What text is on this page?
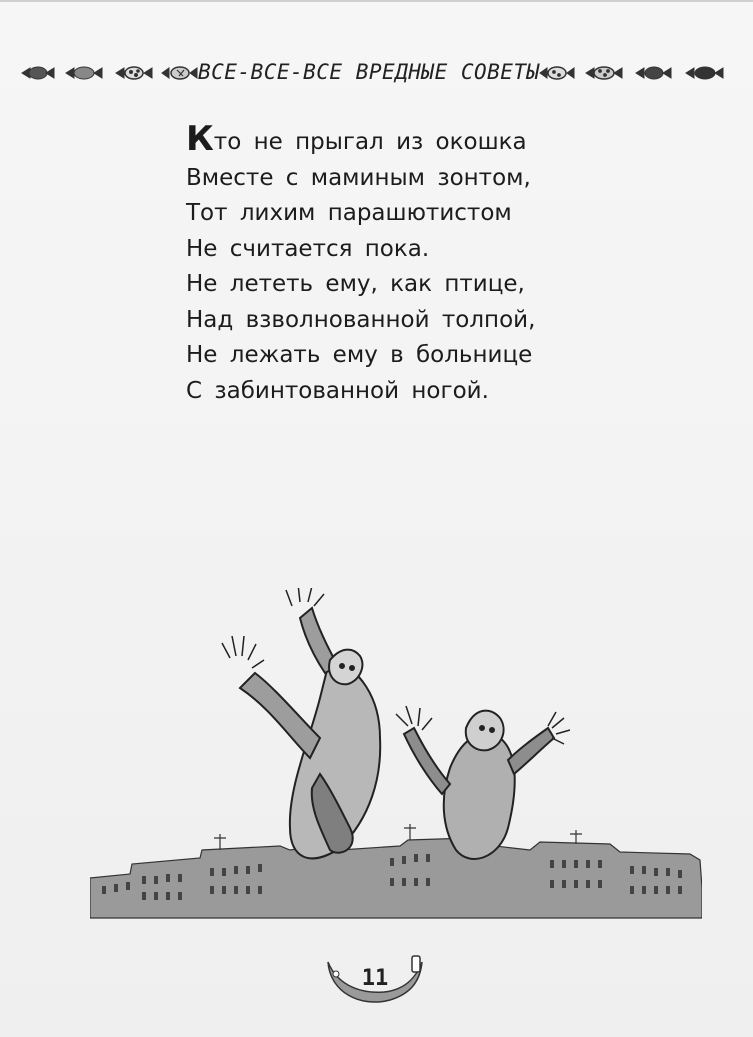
ВСЕ-ВСЕ-ВСЕ ВРЕДНЫЕ СОВЕТЫ
Кто не прыгал из окошка
Вместе с маминым зонтом,
Тот лихим парашютистом
Не считается пока.
Не лететь ему, как птице,
Над взволнованной толпой,
Не лежать ему в больнице
С забинтованной ногой.
11
